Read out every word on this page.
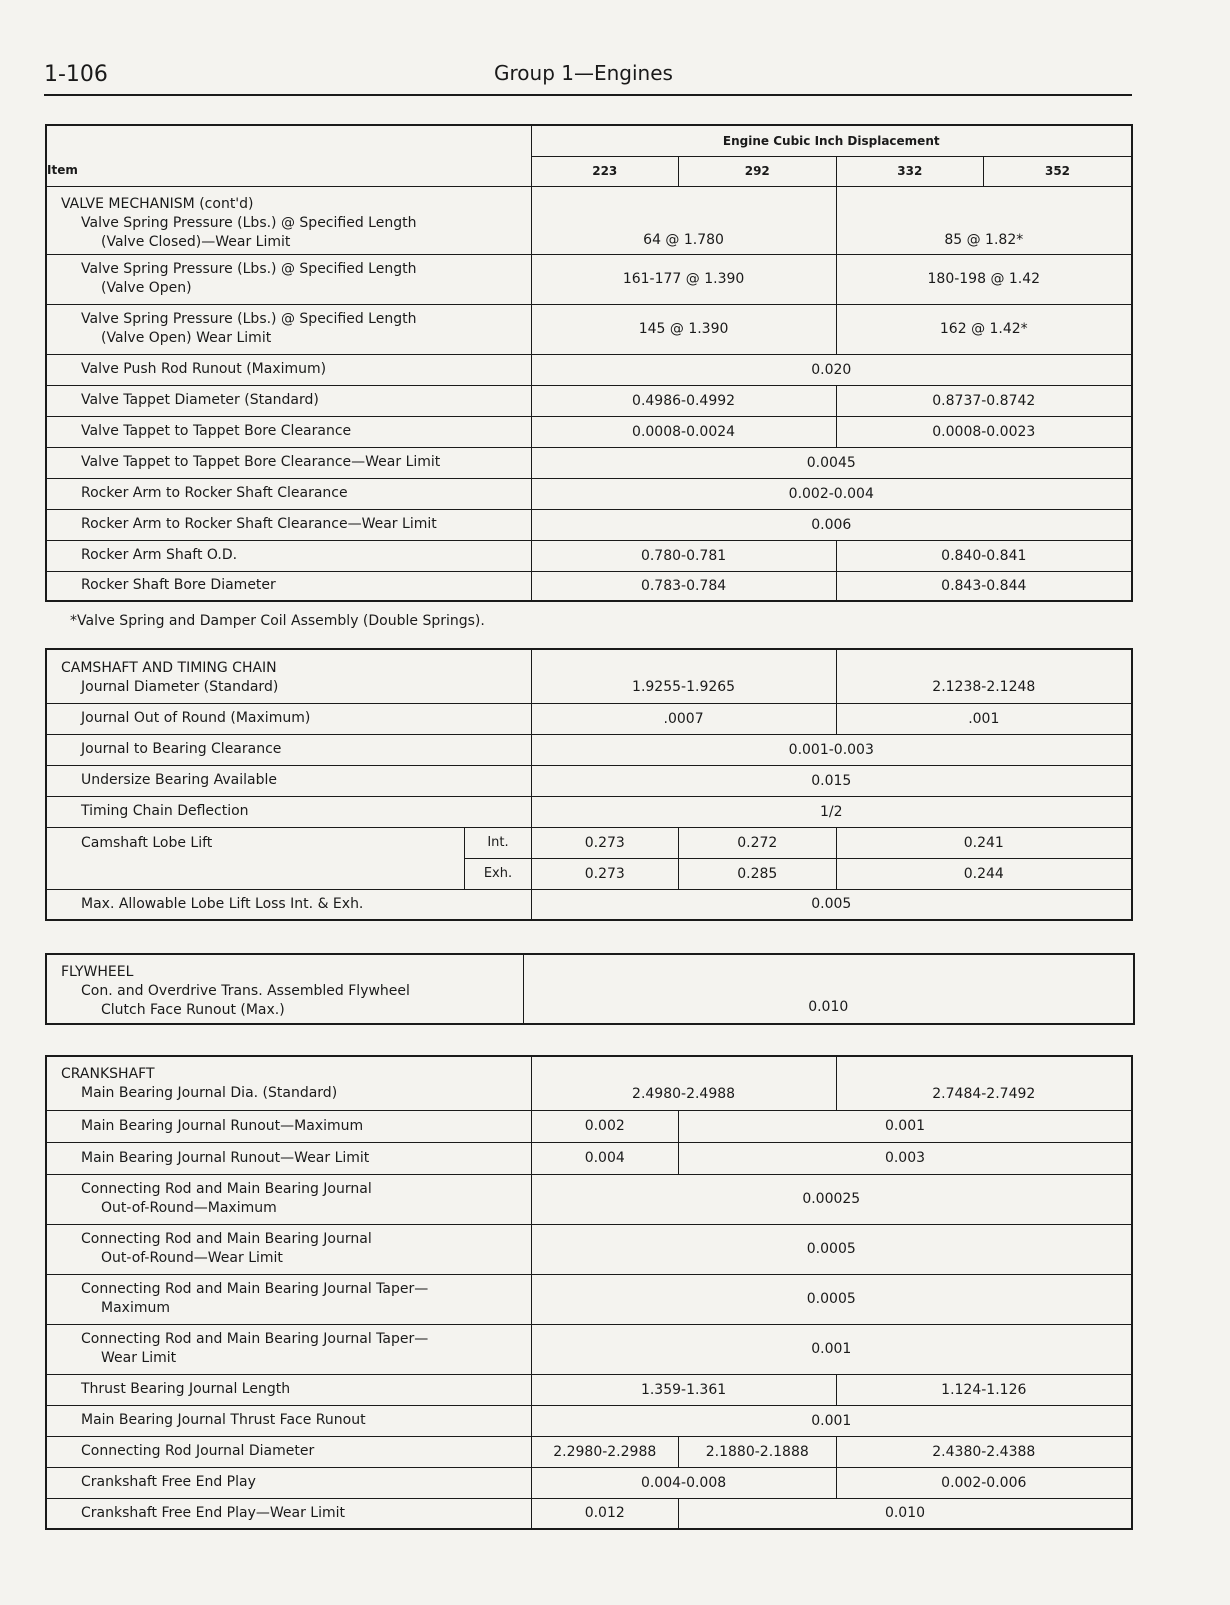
1-106	Group 1—Engines
Item	Engine Cubic Inch Displacement			
	223	292	332	352

VALVE MECHANISM (cont'd)
Valve Spring Pressure (Lbs.) @ Specified Length
(Valve Closed)—Wear Limit	64 @ 1.780		85 @ 1.82*	
Valve Spring Pressure (Lbs.) @ Specified Length
(Valve Open)	161-177 @ 1.390		180-198 @ 1.42	
Valve Spring Pressure (Lbs.) @ Specified Length
(Valve Open) Wear Limit	145 @ 1.390		162 @ 1.42*	
Valve Push Rod Runout (Maximum)	0.020			
Valve Tappet Diameter (Standard)	0.4986-0.4992		0.8737-0.8742	
Valve Tappet to Tappet Bore Clearance	0.0008-0.0024		0.0008-0.0023	
Valve Tappet to Tappet Bore Clearance—Wear Limit	0.0045			
Rocker Arm to Rocker Shaft Clearance	0.002-0.004			
Rocker Arm to Rocker Shaft Clearance—Wear Limit	0.006			
Rocker Arm Shaft O.D.	0.780-0.781		0.840-0.841	
Rocker Shaft Bore Diameter	0.783-0.784		0.843-0.844	
*Valve Spring and Damper Coil Assembly (Double Springs).
CAMSHAFT AND TIMING CHAIN
Journal Diameter (Standard)		1.9255-1.9265		2.1238-2.1248
Journal Out of Round (Maximum)		.0007		.001
Journal to Bearing Clearance		0.001-0.003		
Undersize Bearing Available		0.015		
Timing Chain Deflection		1/2		
Camshaft Lobe Lift	Int.	0.273	0.272	0.241
	Exh.	0.273	0.285	0.244
Max. Allowable Lobe Lift Loss Int. & Exh.		0.005		
FLYWHEEL
Con. and Overdrive Trans. Assembled Flywheel
Clutch Face Runout (Max.)	0.010
CRANKSHAFT
Main Bearing Journal Dia. (Standard)	2.4980-2.4988		2.7484-2.7492
Main Bearing Journal Runout—Maximum	0.002	0.001	
Main Bearing Journal Runout—Wear Limit	0.004	0.003	
Connecting Rod and Main Bearing Journal
Out-of-Round—Maximum	0.00025		
Connecting Rod and Main Bearing Journal
Out-of-Round—Wear Limit	0.0005		
Connecting Rod and Main Bearing Journal Taper—
Maximum	0.0005		
Connecting Rod and Main Bearing Journal Taper—
Wear Limit	0.001		
Thrust Bearing Journal Length	1.359-1.361		1.124-1.126
Main Bearing Journal Thrust Face Runout	0.001		
Connecting Rod Journal Diameter	2.2980-2.2988	2.1880-2.1888	2.4380-2.4388
Crankshaft Free End Play	0.004-0.008		0.002-0.006
Crankshaft Free End Play—Wear Limit	0.012	0.010	
